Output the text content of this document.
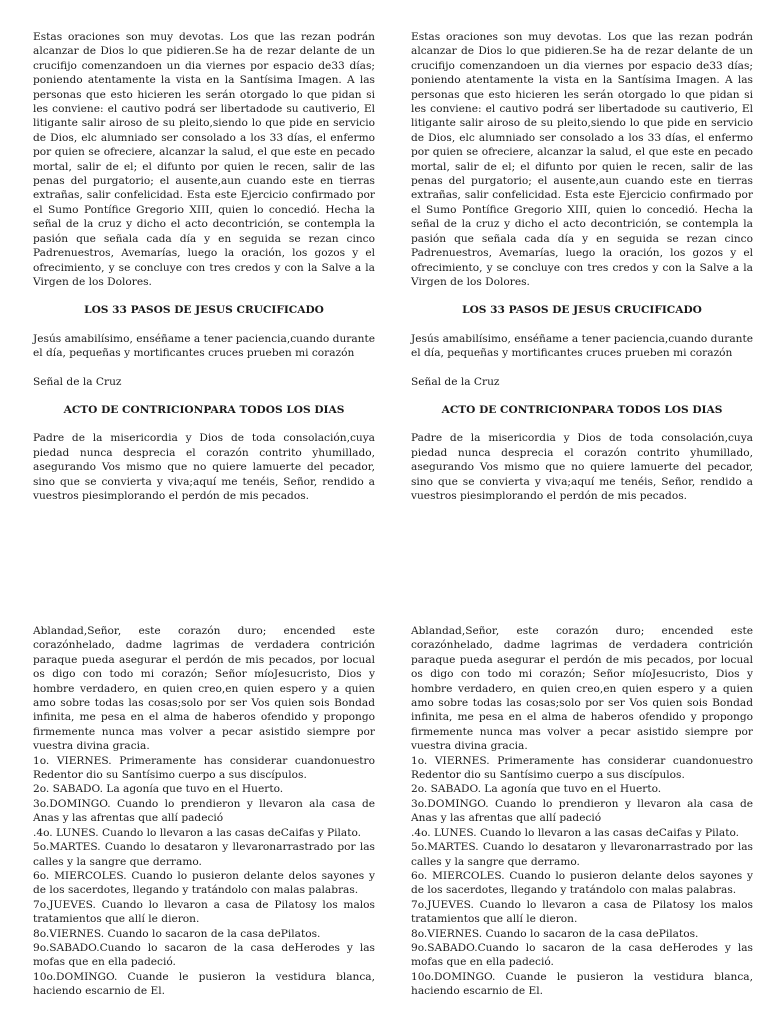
Estas oraciones son muy devotas. Los que las rezan podrán alcanzar de Dios lo que pidieren.Se ha de rezar delante de un crucifijo comenzandoen un dia viernes por espacio de33 días; poniendo atentamente la vista en la Santísima Imagen. A las personas que esto hicieren les serán otorgado lo que pidan si les conviene: el cautivo podrá ser libertadode su cautiverio, El litigante salir airoso de su pleito,siendo lo que pide en servicio de Dios, elc alumniado ser consolado a los 33 días, el enfermo por quien se ofreciere, alcanzar la salud, el que este en pecado mortal, salir de el; el difunto por quien le recen, salir de las penas del purgatorio; el ausente,aun cuando este en tierras extrañas, salir confelicidad. Esta este Ejercicio confirmado por el Sumo Pontífice Gregorio XIII, quien lo concedió. Hecha la señal de la cruz y dicho el acto decontrición, se contempla la pasión que señala cada día y en seguida se rezan cinco Padrenuestros, Avemarías, luego la oración, los gozos y el ofrecimiento, y se concluye con tres credos y con la Salve a la Virgen de los Dolores.

LOS 33 PASOS DE JESUS CRUCIFICADO

Jesús amabilísimo, enséñame a tener paciencia,cuando durante el día, pequeñas y mortificantes cruces prueben mi corazón

Señal de la Cruz

ACTO DE CONTRICIONPARA TODOS LOS DIAS

Padre de la misericordia y Dios de toda consolación,cuya piedad nunca desprecia el corazón contrito yhumillado, asegurando Vos mismo que no quiere lamuerte del pecador, sino que se convierta y viva;aquí me tenéis, Señor, rendido a vuestros piesimplorando el perdón de mis pecados.

Ablandad,Señor, este corazón duro; encended este corazónhelado, dadme lagrimas de verdadera contrición paraque pueda asegurar el perdón de mis pecados, por locual os digo con todo mi corazón; Señor míoJesucristo, Dios y hombre verdadero, en quien creo,en quien espero y a quien amo sobre todas las cosas;solo por ser Vos quien sois Bondad infinita, me pesa en el alma de haberos ofendido y propongo firmemente nunca mas volver a pecar asistido siempre por vuestra divina gracia.

1o. VIERNES. Primeramente has considerar cuandonuestro Redentor dio su Santísimo cuerpo a sus discípulos.

2o. SABADO. La agonía que tuvo en el Huerto.

3o.DOMINGO. Cuando lo prendieron y llevaron ala casa de Anas y las afrentas que allí padeció

.4o. LUNES. Cuando lo llevaron a las casas deCaifas y Pilato.

5o.MARTES. Cuando lo desataron y llevaronarrastrado por las calles y la sangre que derramo.

6o. MIERCOLES. Cuando lo pusieron delante delos sayones y de los sacerdotes, llegando y tratándolo con malas palabras.

7o.JUEVES. Cuando lo llevaron a casa de Pilatosy los malos tratamientos que allí le dieron.

8o.VIERNES. Cuando lo sacaron de la casa dePilatos.

9o.SABADO.Cuando lo sacaron de la casa deHerodes y las mofas que en ella padeció.

10o.DOMINGO. Cuande le pusieron la vestidura blanca, haciendo escarnio de El.

Estas oraciones son muy devotas. Los que las rezan podrán alcanzar de Dios lo que pidieren.Se ha de rezar delante de un crucifijo comenzandoen un dia viernes por espacio de33 días; poniendo atentamente la vista en la Santísima Imagen. A las personas que esto hicieren les serán otorgado lo que pidan si les conviene: el cautivo podrá ser libertadode su cautiverio, El litigante salir airoso de su pleito,siendo lo que pide en servicio de Dios, elc alumniado ser consolado a los 33 días, el enfermo por quien se ofreciere, alcanzar la salud, el que este en pecado mortal, salir de el; el difunto por quien le recen, salir de las penas del purgatorio; el ausente,aun cuando este en tierras extrañas, salir confelicidad. Esta este Ejercicio confirmado por el Sumo Pontífice Gregorio XIII, quien lo concedió. Hecha la señal de la cruz y dicho el acto decontrición, se contempla la pasión que señala cada día y en seguida se rezan cinco Padrenuestros, Avemarías, luego la oración, los gozos y el ofrecimiento, y se concluye con tres credos y con la Salve a la Virgen de los Dolores.

LOS 33 PASOS DE JESUS CRUCIFICADO

Jesús amabilísimo, enséñame a tener paciencia,cuando durante el día, pequeñas y mortificantes cruces prueben mi corazón

Señal de la Cruz

ACTO DE CONTRICIONPARA TODOS LOS DIAS

Padre de la misericordia y Dios de toda consolación,cuya piedad nunca desprecia el corazón contrito yhumillado, asegurando Vos mismo que no quiere lamuerte del pecador, sino que se convierta y viva;aquí me tenéis, Señor, rendido a vuestros piesimplorando el perdón de mis pecados.

Ablandad,Señor, este corazón duro; encended este corazónhelado, dadme lagrimas de verdadera contrición paraque pueda asegurar el perdón de mis pecados, por locual os digo con todo mi corazón; Señor míoJesucristo, Dios y hombre verdadero, en quien creo,en quien espero y a quien amo sobre todas las cosas;solo por ser Vos quien sois Bondad infinita, me pesa en el alma de haberos ofendido y propongo firmemente nunca mas volver a pecar asistido siempre por vuestra divina gracia.

1o. VIERNES. Primeramente has considerar cuandonuestro Redentor dio su Santísimo cuerpo a sus discípulos.

2o. SABADO. La agonía que tuvo en el Huerto.

3o.DOMINGO. Cuando lo prendieron y llevaron ala casa de Anas y las afrentas que allí padeció

.4o. LUNES. Cuando lo llevaron a las casas deCaifas y Pilato.

5o.MARTES. Cuando lo desataron y llevaronarrastrado por las calles y la sangre que derramo.

6o. MIERCOLES. Cuando lo pusieron delante delos sayones y de los sacerdotes, llegando y tratándolo con malas palabras.

7o.JUEVES. Cuando lo llevaron a casa de Pilatosy los malos tratamientos que allí le dieron.

8o.VIERNES. Cuando lo sacaron de la casa dePilatos.

9o.SABADO.Cuando lo sacaron de la casa deHerodes y las mofas que en ella padeció.

10o.DOMINGO. Cuande le pusieron la vestidura blanca, haciendo escarnio de El.
